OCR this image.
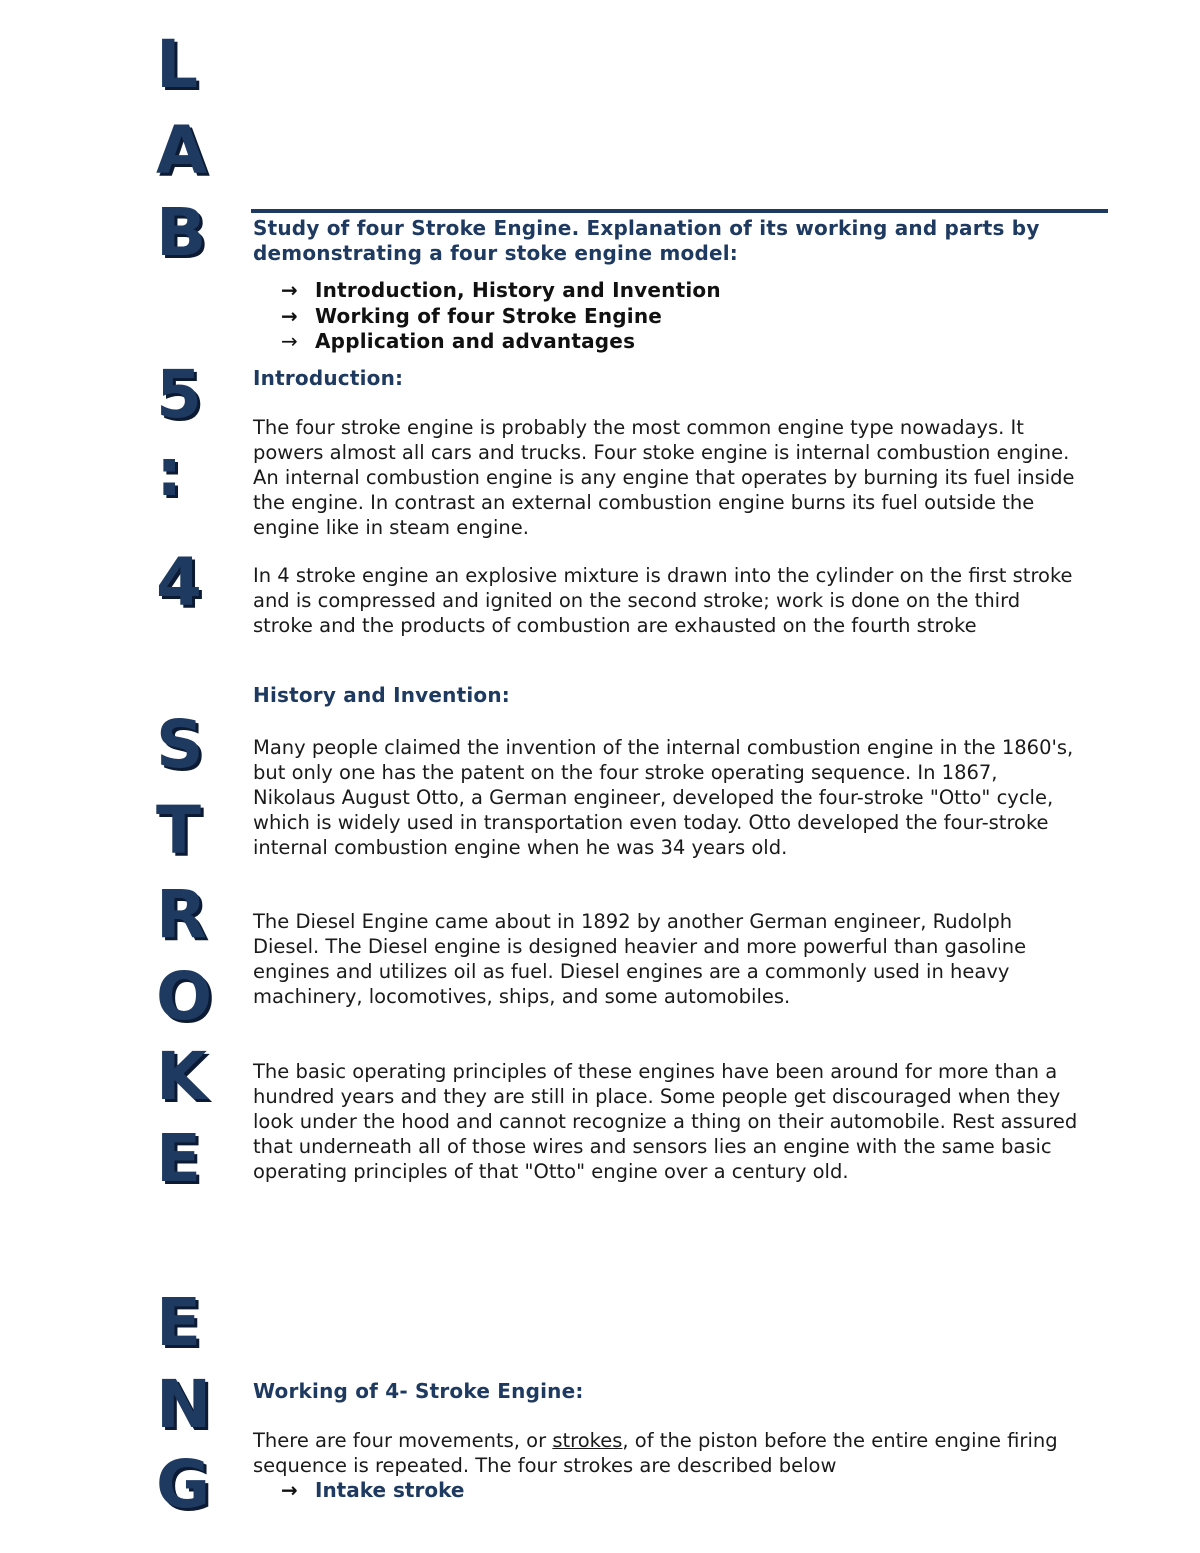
L
A
B
5
:
4
S
T
R
O
K
E
E
N
G
Study of four Stroke Engine. Explanation of its working and parts by demonstrating a four stoke engine model:
→ Introduction, History and Invention
→ Working of four Stroke Engine
→ Application and advantages
Introduction:

The four stroke engine is probably the most common engine type nowadays. It powers almost all cars and trucks. Four stoke engine is internal combustion engine. An internal combustion engine is any engine that operates by burning its fuel inside the engine. In contrast an external combustion engine burns its fuel outside the engine like in steam engine.

In 4 stroke engine an explosive mixture is drawn into the cylinder on the first stroke and is compressed and ignited on the second stroke; work is done on the third stroke and the products of combustion are exhausted on the fourth stroke

History and Invention:

Many people claimed the invention of the internal combustion engine in the 1860's, but only one has the patent on the four stroke operating sequence. In 1867, Nikolaus August Otto, a German engineer, developed the four-stroke "Otto" cycle, which is widely used in transportation even today. Otto developed the four-stroke internal combustion engine when he was 34 years old.

The Diesel Engine came about in 1892 by another German engineer, Rudolph Diesel. The Diesel engine is designed heavier and more powerful than gasoline engines and utilizes oil as fuel. Diesel engines are a commonly used in heavy machinery, locomotives, ships, and some automobiles.

The basic operating principles of these engines have been around for more than a hundred years and they are still in place. Some people get discouraged when they look under the hood and cannot recognize a thing on their automobile. Rest assured that underneath all of those wires and sensors lies an engine with the same basic operating principles of that "Otto" engine over a century old.

Working of 4- Stroke Engine:

There are four movements, or strokes, of the piston before the entire engine firing sequence is repeated. The four strokes are described below

→ Intake stroke
